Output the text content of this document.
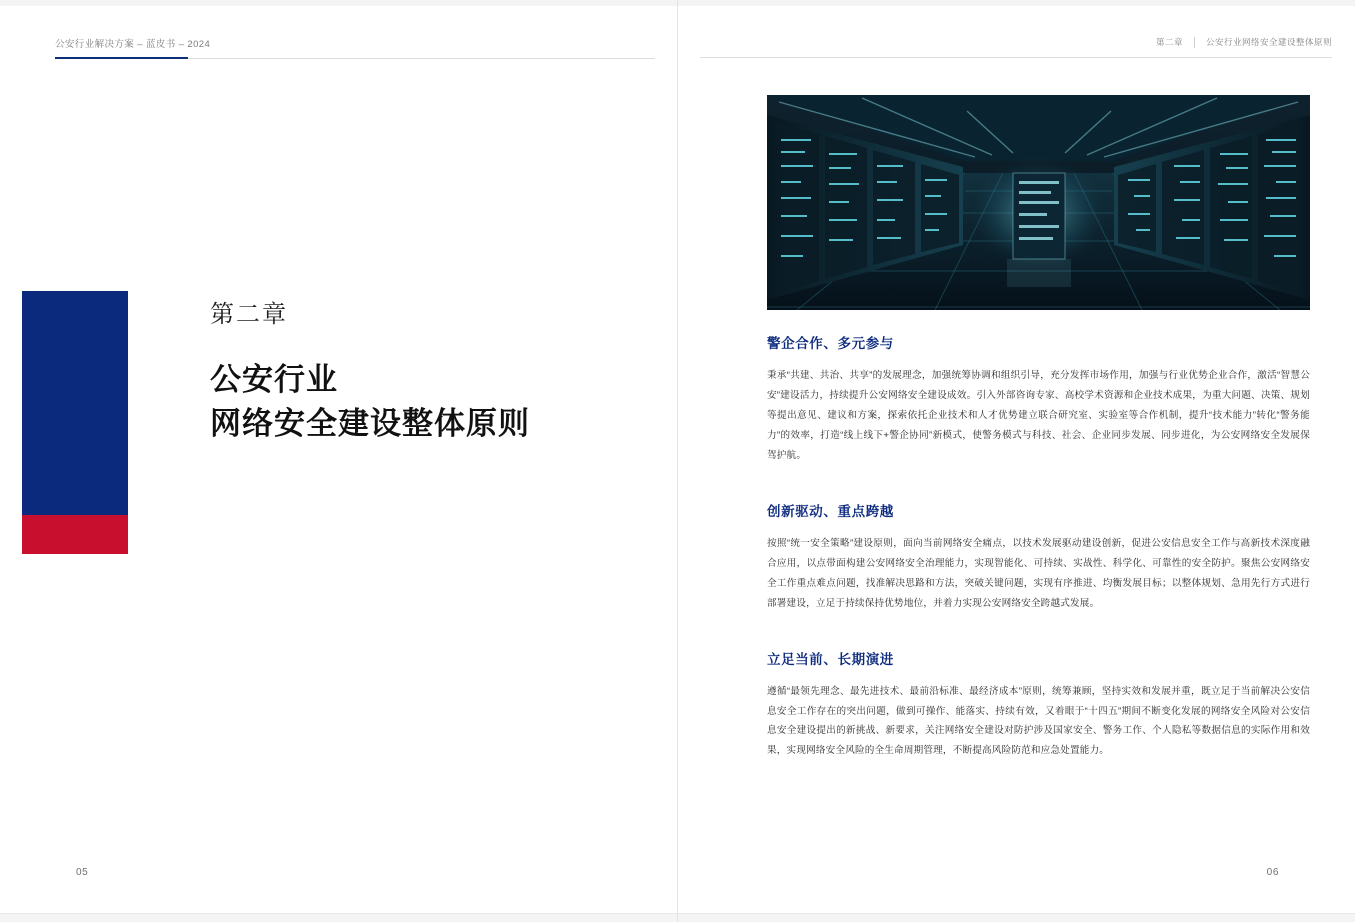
公安行业解决方案 – 蓝皮书 – 2024
第二章
公安行业
网络安全建设整体原则
05
第二章	公安行业网络安全建设整体原则
警企合作、多元参与

秉承“共建、共治、共享”的发展理念，加强统筹协调和组织引导，充分发挥市场作用，加强与行业优势企业合作，激活“智慧公安”建设活力，持续提升公安网络安全建设成效。引入外部咨询专家、高校学术资源和企业技术成果，为重大问题、决策、规划等提出意见、建议和方案，探索依托企业技术和人才优势建立联合研究室、实验室等合作机制，提升“技术能力”转化“警务能力”的效率，打造“线上线下+警企协同”新模式，使警务模式与科技、社会、企业同步发展、同步进化，为公安网络安全发展保驾护航。

创新驱动、重点跨越

按照“统一安全策略”建设原则，面向当前网络安全痛点，以技术发展驱动建设创新，促进公安信息安全工作与高新技术深度融合应用，以点带面构建公安网络安全治理能力，实现智能化、可持续、实战性、科学化、可靠性的安全防护。聚焦公安网络安全工作重点难点问题，找准解决思路和方法，突破关键问题，实现有序推进、均衡发展目标；以整体规划、急用先行方式进行部署建设，立足于持续保持优势地位，并着力实现公安网络安全跨越式发展。

立足当前、长期演进

遵循“最领先理念、最先进技术、最前沿标准、最经济成本”原则，统筹兼顾，坚持实效和发展并重，既立足于当前解决公安信息安全工作存在的突出问题，做到可操作、能落实、持续有效，又着眼于“十四五”期间不断变化发展的网络安全风险对公安信息安全建设提出的新挑战、新要求，关注网络安全建设对防护涉及国家安全、警务工作、个人隐私等数据信息的实际作用和效果，实现网络安全风险的全生命周期管理，不断提高风险防范和应急处置能力。

06
